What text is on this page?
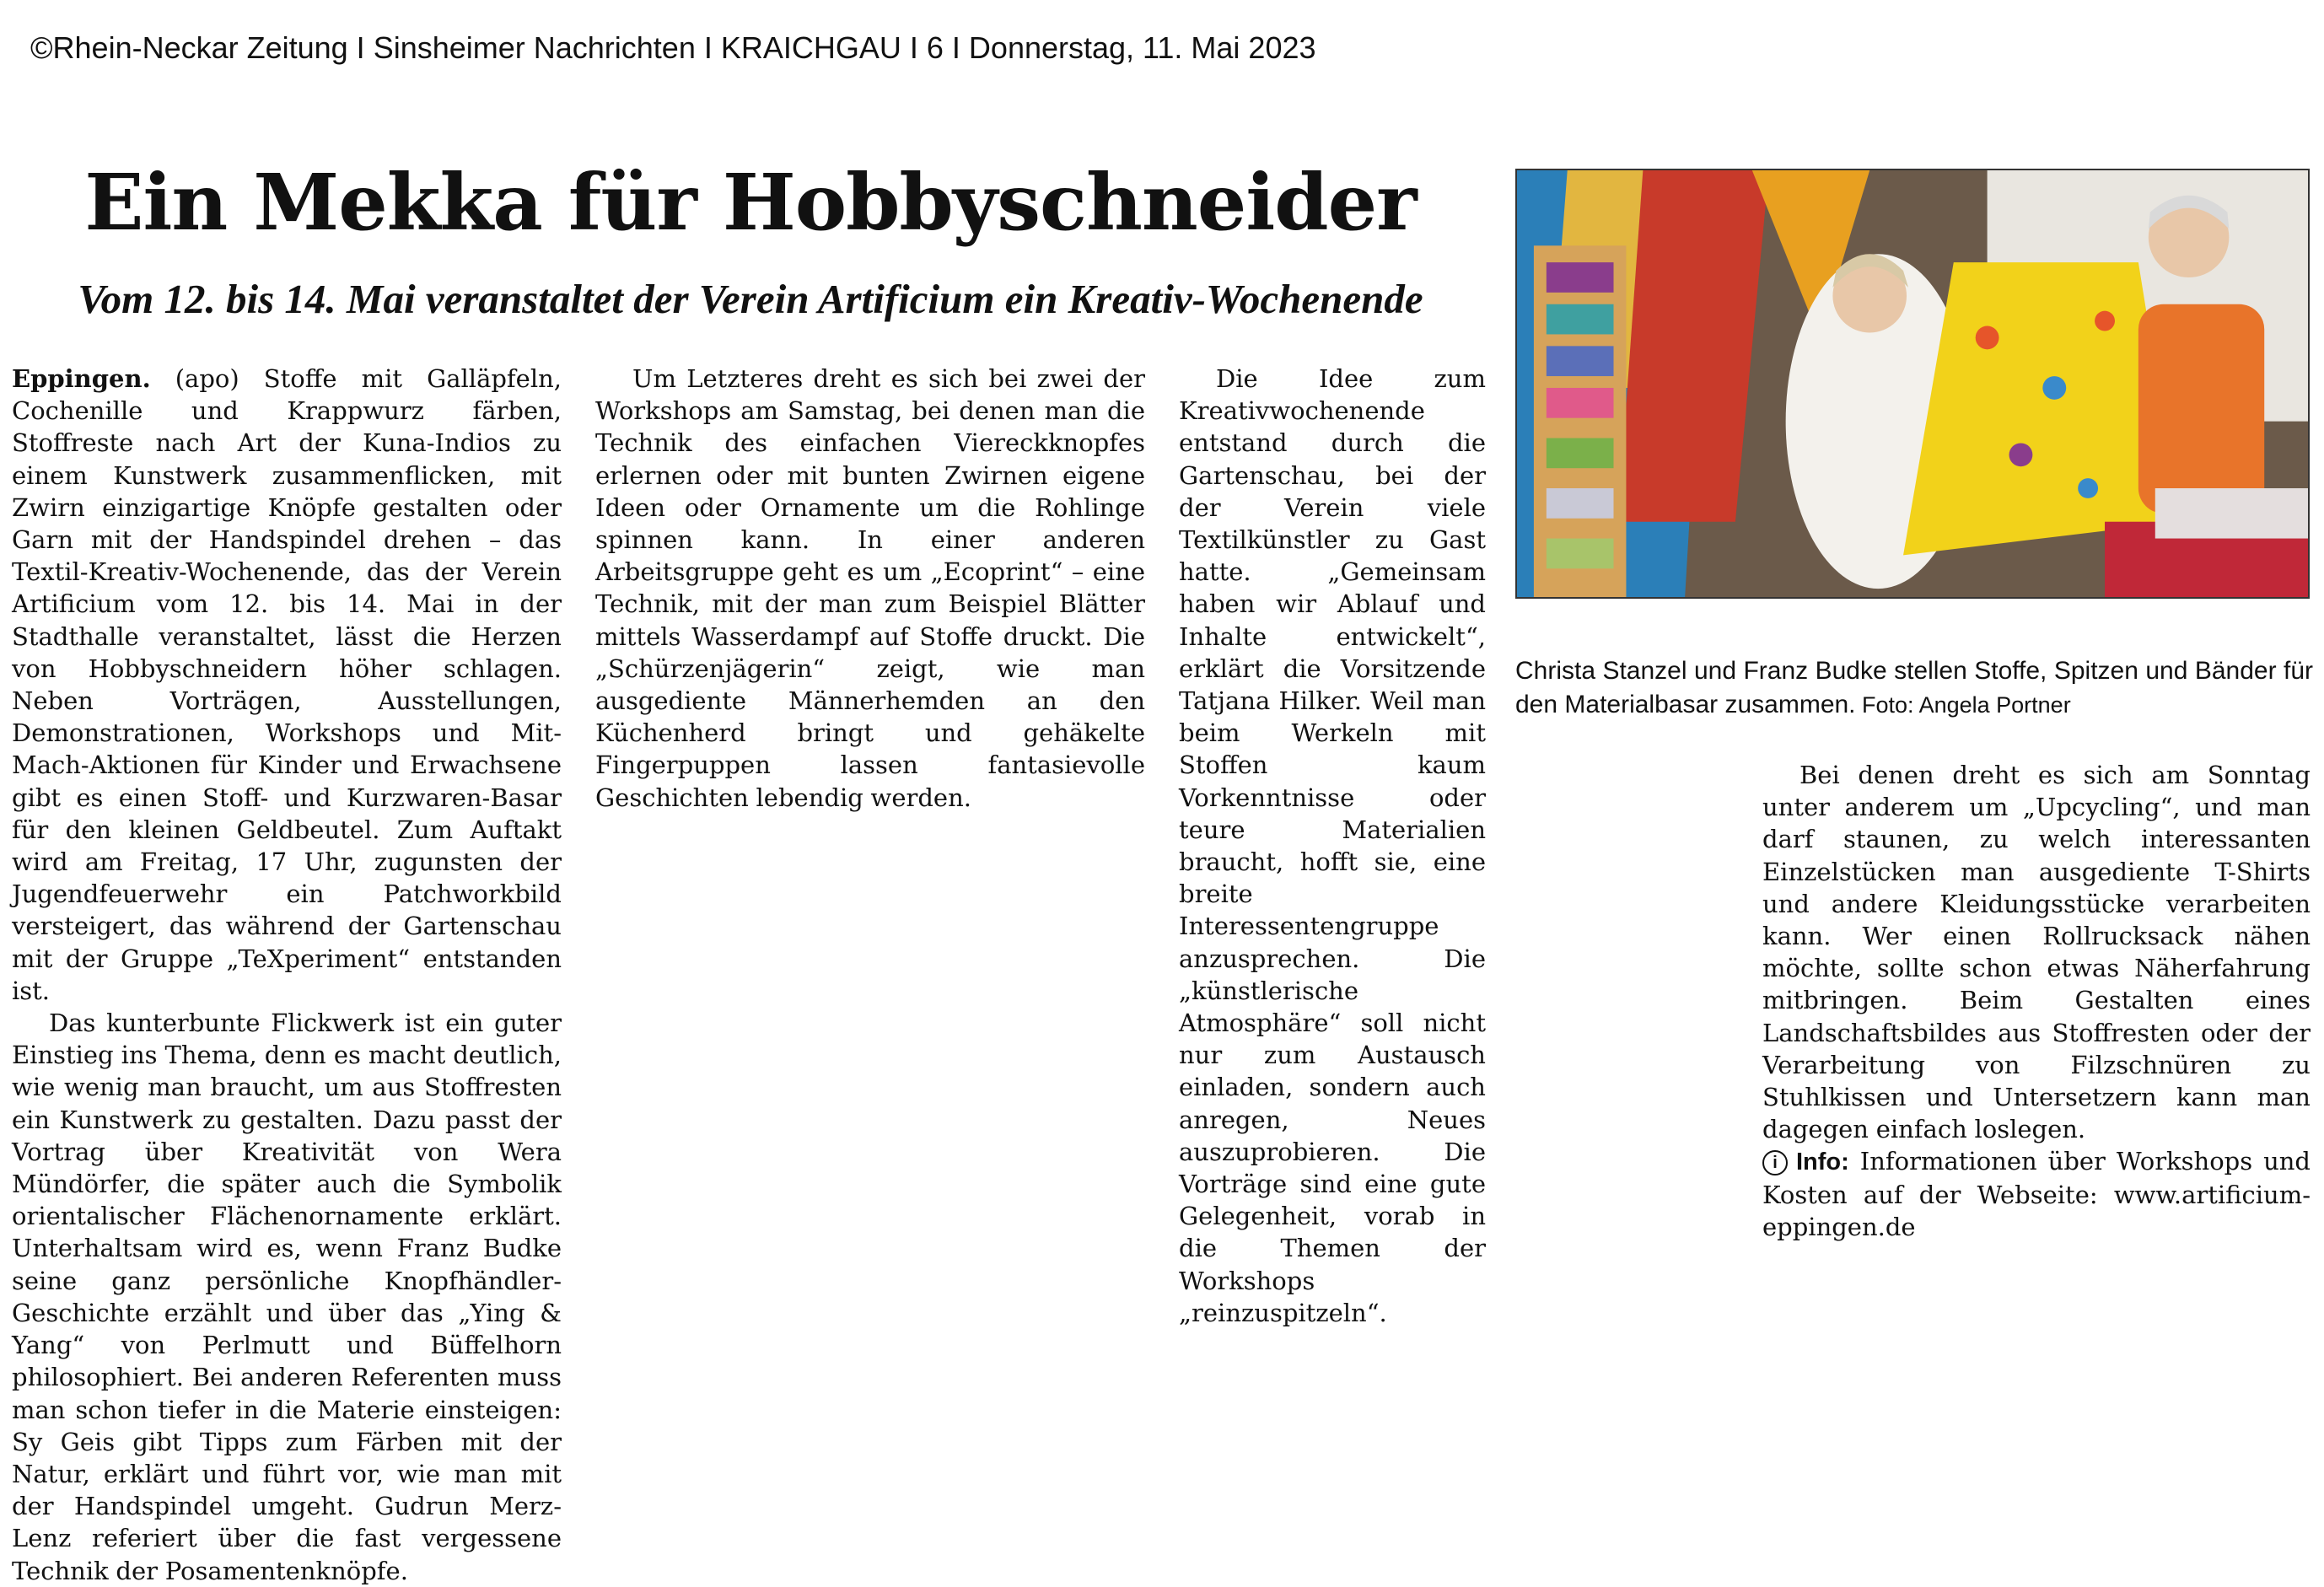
©Rhein-Neckar Zeitung I Sinsheimer Nachrichten I KRAICHGAU I 6 I Donnerstag, 11. Mai 2023
Ein Mekka für Hobbyschneider
Vom 12. bis 14. Mai veranstaltet der Verein Artificium ein Kreativ-Wochenende

Eppingen. (apo) Stoffe mit Galläpfeln, Cochenille und Krappwurz färben, Stoffreste nach Art der Kuna-Indios zu einem Kunstwerk zusammenflicken, mit Zwirn einzigartige Knöpfe gestalten oder Garn mit der Handspindel drehen – das Textil-Kreativ-Wochenende, das der Verein Artificium vom 12. bis 14. Mai in der Stadthalle veranstaltet, lässt die Herzen von Hobbyschneidern höher schlagen. Neben Vorträgen, Ausstellungen, Demonstrationen, Workshops und Mit-Mach-Aktionen für Kinder und Erwachsene gibt es einen Stoff- und Kurzwaren-Basar für den kleinen Geldbeutel. Zum Auftakt wird am Freitag, 17 Uhr, zugunsten der Jugendfeuerwehr ein Patchworkbild versteigert, das während der Gartenschau mit der Gruppe „TeXperiment“ entstanden ist.

Das kunterbunte Flickwerk ist ein guter Einstieg ins Thema, denn es macht deutlich, wie wenig man braucht, um aus Stoffresten ein Kunstwerk zu gestalten. Dazu passt der Vortrag über Kreativität von Wera Mündörfer, die später auch die Symbolik orientalischer Flächenornamente erklärt. Unterhaltsam wird es, wenn Franz Budke seine ganz persönliche Knopfhändler-Geschichte erzählt und über das „Ying & Yang“ von Perlmutt und Büffelhorn philosophiert. Bei anderen Referenten muss man schon tiefer in die Materie einsteigen: Sy Geis gibt Tipps zum Färben mit der Natur, erklärt und führt vor, wie man mit der Handspindel umgeht. Gudrun Merz-Lenz referiert über die fast vergessene Technik der Posamentenknöpfe.

Um Letzteres dreht es sich bei zwei der Workshops am Samstag, bei denen man die Technik des einfachen Viereckknopfes erlernen oder mit bunten Zwirnen eigene Ideen oder Ornamente um die Rohlinge spinnen kann. In einer anderen Arbeitsgruppe geht es um „Ecoprint“ – eine Technik, mit der man zum Beispiel Blätter mittels Wasserdampf auf Stoffe druckt. Die „Schürzenjägerin“ zeigt, wie man ausgediente Männerhemden an den Küchenherd bringt und gehäkelte Fingerpuppen lassen fantasievolle Geschichten lebendig werden.

Die Idee zum Kreativwochenende entstand durch die Gartenschau, bei der der Verein viele Textilkünstler zu Gast hatte. „Gemeinsam haben wir Ablauf und Inhalte entwickelt“, erklärt die Vorsitzende Tatjana Hilker. Weil man beim Werkeln mit Stoffen kaum Vorkenntnisse oder teure Materialien braucht, hofft sie, eine breite Interessentengruppe anzusprechen. Die „künstlerische Atmosphäre“ soll nicht nur zum Austausch einladen, sondern auch anregen, Neues auszuprobieren. Die Vorträge sind eine gute Gelegenheit, vorab in die Themen der Workshops „reinzuspitzeln“.

Bei denen dreht es sich am Sonntag unter anderem um „Upcycling“, und man darf staunen, zu welch interessanten Einzelstücken man ausgediente T-Shirts und andere Kleidungsstücke verarbeiten kann. Wer einen Rollrucksack nähen möchte, sollte schon etwas Näherfahrung mitbringen. Beim Gestalten eines Landschaftsbildes aus Stoffresten oder der Verarbeitung von Filzschnüren zu Stuhlkissen und Untersetzern kann man dagegen einfach loslegen.

i Info: Informationen über Workshops und Kosten auf der Webseite: www.artificium-eppingen.de

Christa Stanzel und Franz Budke stellen Stoffe, Spitzen und Bänder für den Materialbasar zusammen. Foto: Angela Portner
